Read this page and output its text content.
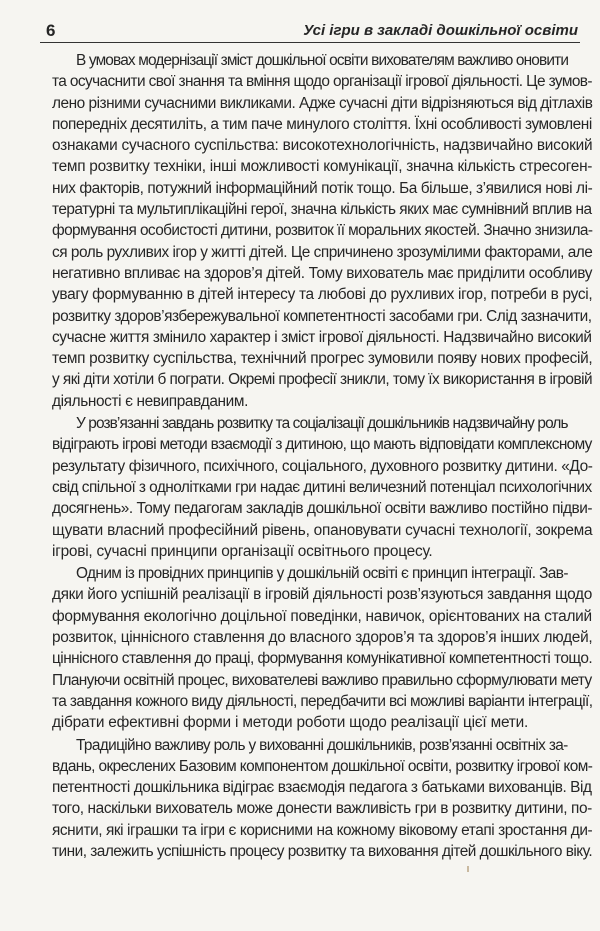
6	Усі ігри в закладі дошкільної освіти

В умовах модернізації зміст дошкільної освіти вихователям важливо оновити
та осучаснити свої знання та вміння щодо організації ігрової діяльності. Це зумов-
лено різними сучасними викликами. Адже сучасні діти відрізняються від дітлахів
попередніх десятиліть, а тим паче минулого століття. Їхні особливості зумовлені
ознаками сучасного суспільства: високотехнологічність, надзвичайно високий
темп розвитку техніки, інші можливості комунікації, значна кількість стресоген-
них факторів, потужний інформаційний потік тощо. Ба більше, з’явилися нові лі-
тературні та мультиплікаційні герої, значна кількість яких має сумнівний вплив на
формування особистості дитини, розвиток її моральних якостей. Значно знизила-
ся роль рухливих ігор у житті дітей. Це спричинено зрозумілими факторами, але
негативно впливає на здоров’я дітей. Тому вихователь має приділити особливу
увагу формуванню в дітей інтересу та любові до рухливих ігор, потреби в русі,
розвитку здоров’язбережувальної компетентності засобами гри. Слід зазначити,
сучасне життя змінило характер і зміст ігрової діяльності. Надзвичайно високий
темп розвитку суспільства, технічний прогрес зумовили появу нових професій,
у які діти хотіли б пограти. Окремі професії зникли, тому їх використання в ігровій
діяльності є невиправданим.

У розв’язанні завдань розвитку та соціалізації дошкільників надзвичайну роль
відіграють ігрові методи взаємодії з дитиною, що мають відповідати комплексному
результату фізичного, психічного, соціального, духовного розвитку дитини. «До-
свід спільної з однолітками гри надає дитині величезний потенціал психологічних
досягнень». Тому педагогам закладів дошкільної освіти важливо постійно підви-
щувати власний професійний рівень, опановувати сучасні технології, зокрема
ігрові, сучасні принципи організації освітнього процесу.

Одним із провідних принципів у дошкільній освіті є принцип інтеграції. Зав-
дяки його успішній реалізації в ігровій діяльності розв’язуються завдання щодо
формування екологічно доцільної поведінки, навичок, орієнтованих на сталий
розвиток, ціннісного ставлення до власного здоров’я та здоров’я інших людей,
ціннісного ставлення до праці, формування комунікативної компетентності тощо.
Плануючи освітній процес, вихователеві важливо правильно сформулювати мету
та завдання кожного виду діяльності, передбачити всі можливі варіанти інтеграції,
дібрати ефективні форми і методи роботи щодо реалізації цієї мети.

Традиційно важливу роль у вихованні дошкільників, розв’язанні освітніх за-
вдань, окреслених Базовим компонентом дошкільної освіти, розвитку ігрової ком-
петентності дошкільника відіграє взаємодія педагога з батьками вихованців. Від
того, наскільки вихователь може донести важливість гри в розвитку дитини, по-
яснити, які іграшки та ігри є корисними на кожному віковому етапі зростання ди-
тини, залежить успішність процесу розвитку та виховання дітей дошкільного віку.
